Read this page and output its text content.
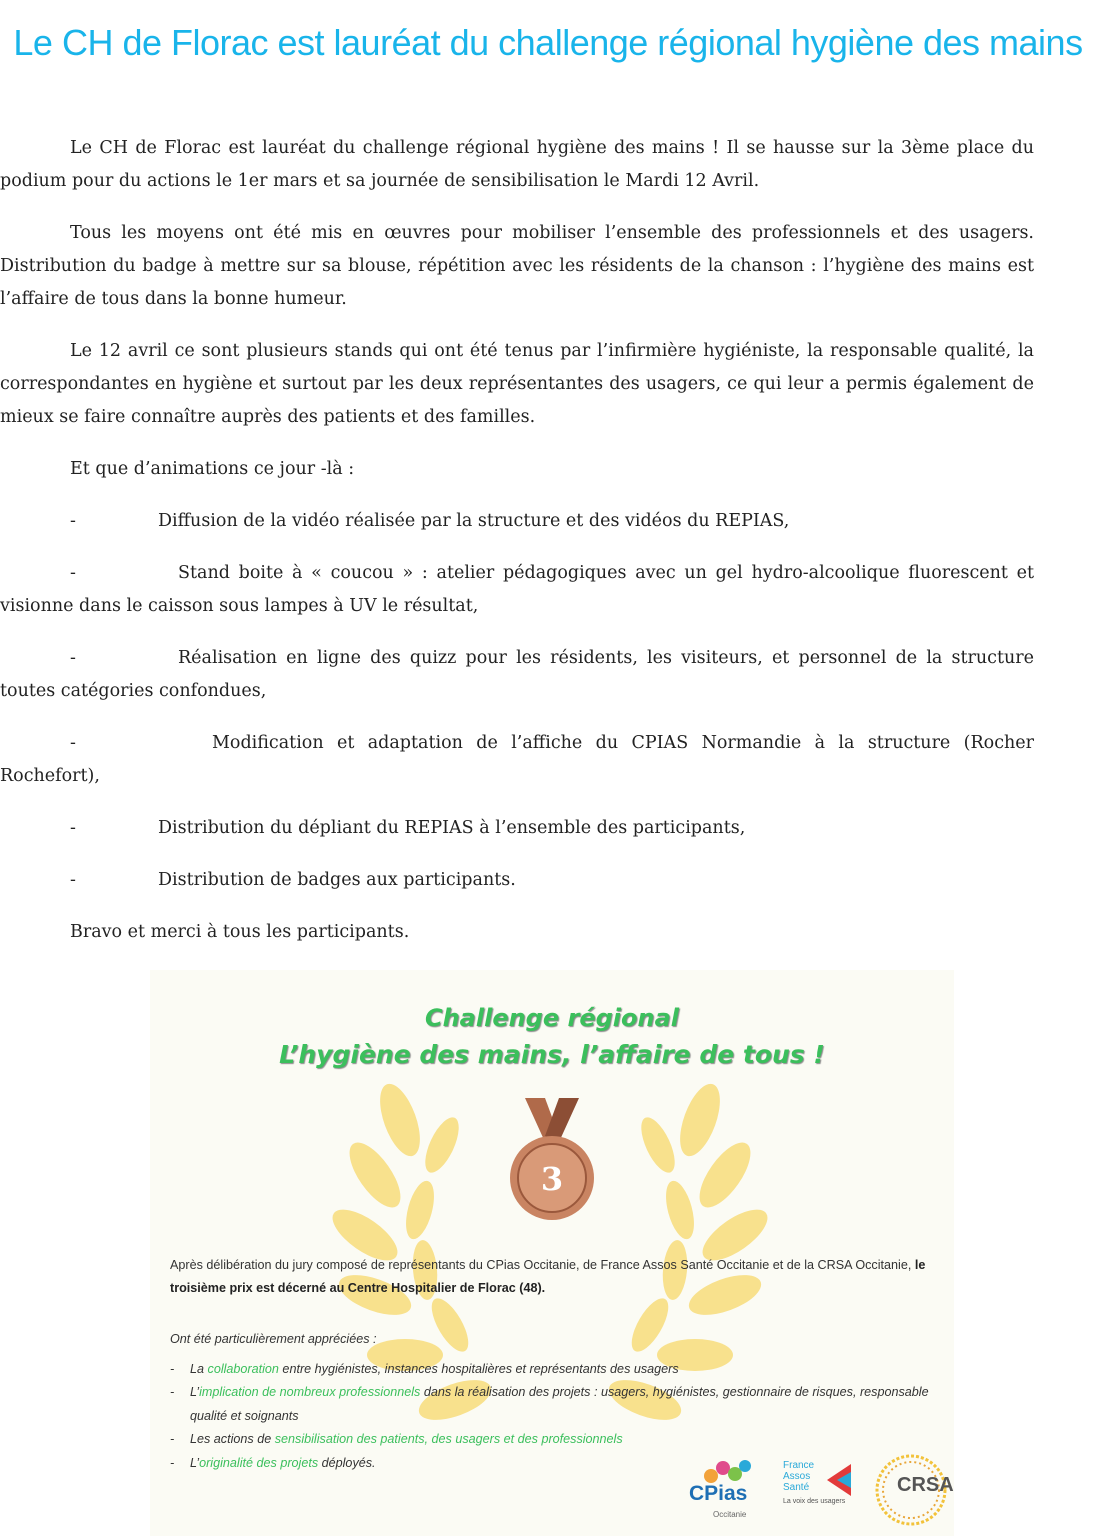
Le CH de Florac est lauréat du challenge régional hygiène des mains

Le CH de Florac est lauréat du challenge régional hygiène des mains ! Il se hausse sur la 3ème place du podium pour du actions le 1er mars et sa journée de sensibilisation le Mardi 12 Avril.

Tous les moyens ont été mis en œuvres pour mobiliser l’ensemble des professionnels et des usagers. Distribution du badge à mettre sur sa blouse, répétition avec les résidents de la chanson : l’hygiène des mains est l’affaire de tous dans la bonne humeur.

Le 12 avril ce sont plusieurs stands qui ont été tenus par l’infirmière hygiéniste, la responsable qualité, la correspondantes en hygiène et surtout par les deux représentantes des usagers, ce qui leur a permis également de mieux se faire connaître auprès des patients et des familles.

Et que d’animations ce jour -là :

-	Diffusion de la vidéo réalisée par la structure et des vidéos du REPIAS,
-	Stand boite à « coucou » : atelier pédagogiques avec un gel hydro-alcoolique fluorescent et visionne dans le caisson sous lampes à UV le résultat,
-	Réalisation en ligne des quizz pour les résidents, les visiteurs, et personnel de la structure toutes catégories confondues,
-	Modification et adaptation de l’affiche du CPIAS Normandie à la structure (Rocher Rochefort),
-	Distribution du dépliant du REPIAS à l’ensemble des participants,
-	Distribution de badges aux participants.

Bravo et merci à tous les participants.

Challenge régional
L’hygiène des mains, l’affaire de tous !
3
Après délibération du jury composé de représentants du CPias Occitanie, de France Assos Santé Occitanie et de la CRSA Occitanie, le troisième prix est décerné au Centre Hospitalier de Florac (48).
Ont été particulièrement appréciées :
- La collaboration entre hygiénistes, instances hospitalières et représentants des usagers
- L’implication de nombreux professionnels dans la réalisation des projets : usagers, hygiénistes, gestionnaire de risques, responsable qualité et soignants
- Les actions de sensibilisation des patients, des usagers et des professionnels
- L’originalité des projets déployés.
CPias
Occitanie
France
Assos
Santé
La voix des usagers
CRSA
